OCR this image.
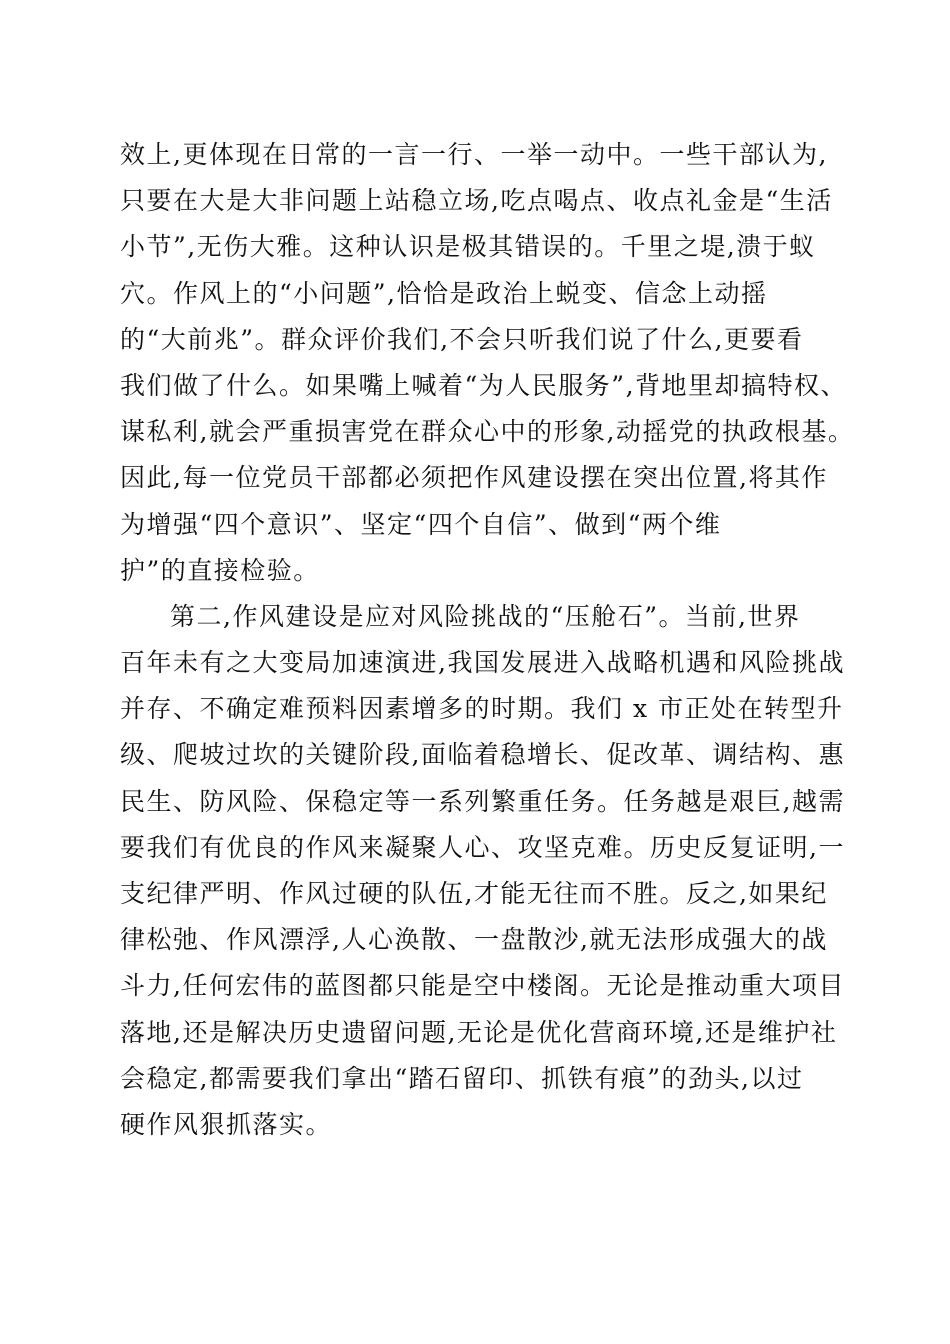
效上,更体现在日常的一言一行、一举一动中。一些干部认为,
只要在大是大非问题上站稳立场,吃点喝点、收点礼金是“生活
小节”,无伤大雅。这种认识是极其错误的。千里之堤,溃于蚁
穴。作风上的“小问题”,恰恰是政治上蜕变、信念上动摇
的“大前兆”。群众评价我们,不会只听我们说了什么,更要看
我们做了什么。如果嘴上喊着“为人民服务”,背地里却搞特权、
谋私利,就会严重损害党在群众心中的形象,动摇党的执政根基。
因此,每一位党员干部都必须把作风建设摆在突出位置,将其作
为增强“四个意识”、坚定“四个自信”、做到“两个维
护”的直接检验。
第二,作风建设是应对风险挑战的“压舱石”。当前,世界
百年未有之大变局加速演进,我国发展进入战略机遇和风险挑战
并存、不确定难预料因素增多的时期。我们 x 市正处在转型升
级、爬坡过坎的关键阶段,面临着稳增长、促改革、调结构、惠
民生、防风险、保稳定等一系列繁重任务。任务越是艰巨,越需
要我们有优良的作风来凝聚人心、攻坚克难。历史反复证明,一
支纪律严明、作风过硬的队伍,才能无往而不胜。反之,如果纪
律松弛、作风漂浮,人心涣散、一盘散沙,就无法形成强大的战
斗力,任何宏伟的蓝图都只能是空中楼阁。无论是推动重大项目
落地,还是解决历史遗留问题,无论是优化营商环境,还是维护社
会稳定,都需要我们拿出“踏石留印、抓铁有痕”的劲头,以过
硬作风狠抓落实。
